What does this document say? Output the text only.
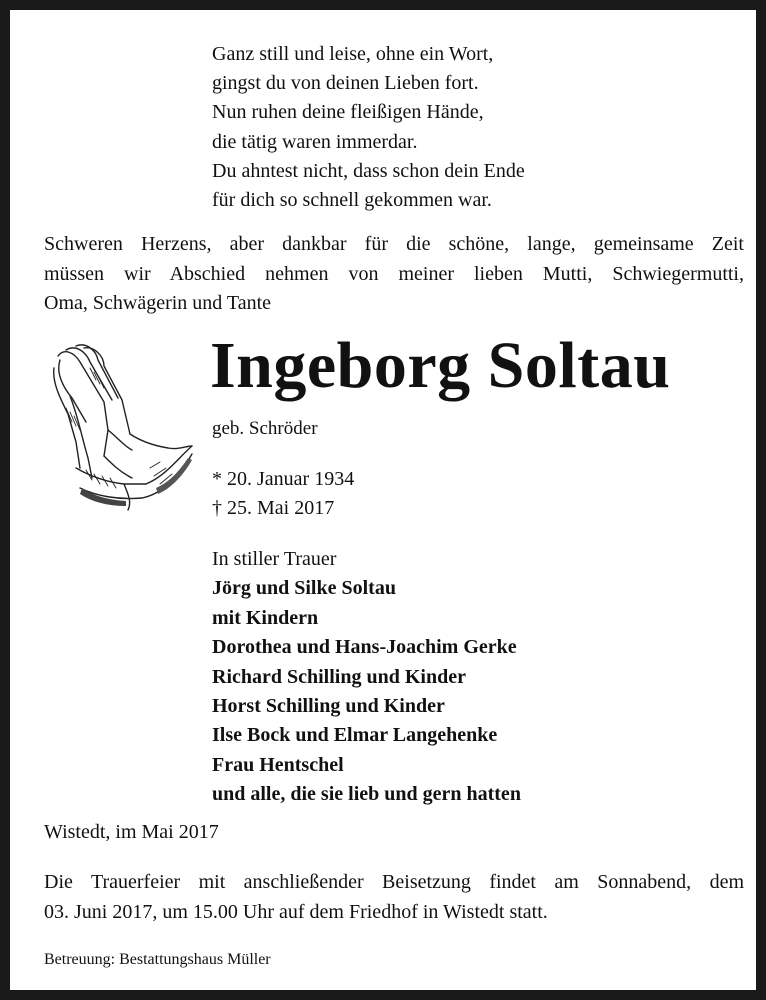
Ganz still und leise, ohne ein Wort,
gingst du von deinen Lieben fort.
Nun ruhen deine fleißigen Hände,
die tätig waren immerdar.
Du ahntest nicht, dass schon dein Ende
für dich so schnell gekommen war.
Schweren Herzens, aber dankbar für die schöne, lange, gemeinsame Zeit
müssen wir Abschied nehmen von meiner lieben Mutti, Schwiegermutti,
Oma, Schwägerin und Tante
Ingeborg Soltau
geb. Schröder
* 20. Januar 1934
† 25. Mai 2017
In stiller Trauer
Jörg und Silke Soltau
mit Kindern
Dorothea und Hans-Joachim Gerke
Richard Schilling und Kinder
Horst Schilling und Kinder
Ilse Bock und Elmar Langehenke
Frau Hentschel
und alle, die sie lieb und gern hatten
Wistedt, im Mai 2017
Die Trauerfeier mit anschließender Beisetzung findet am Sonnabend, dem
03. Juni 2017, um 15.00 Uhr auf dem Friedhof in Wistedt statt.
Betreuung: Bestattungshaus Müller
